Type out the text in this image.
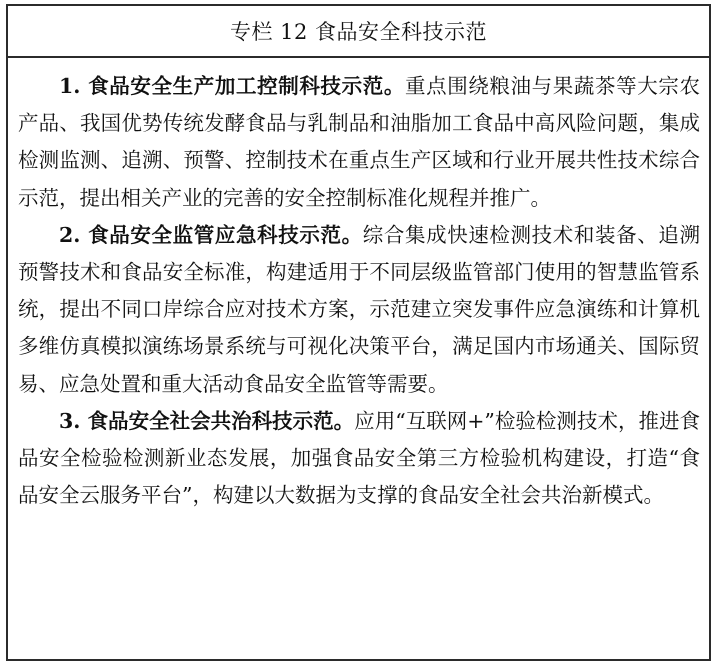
专栏 12 食品安全科技示范

1. 食品安全生产加工控制科技示范。重点围绕粮油与果蔬茶等大宗农产品、我国优势传统发酵食品与乳制品和油脂加工食品中高风险问题，集成检测监测、追溯、预警、控制技术在重点生产区域和行业开展共性技术综合示范，提出相关产业的完善的安全控制标准化规程并推广。

2. 食品安全监管应急科技示范。综合集成快速检测技术和装备、追溯预警技术和食品安全标准，构建适用于不同层级监管部门使用的智慧监管系统，提出不同口岸综合应对技术方案，示范建立突发事件应急演练和计算机多维仿真模拟演练场景系统与可视化决策平台，满足国内市场通关、国际贸易、应急处置和重大活动食品安全监管等需要。

3. 食品安全社会共治科技示范。应用“互联网+”检验检测技术，推进食品安全检验检测新业态发展，加强食品安全第三方检验机构建设，打造“食品安全云服务平台”，构建以大数据为支撑的食品安全社会共治新模式。
